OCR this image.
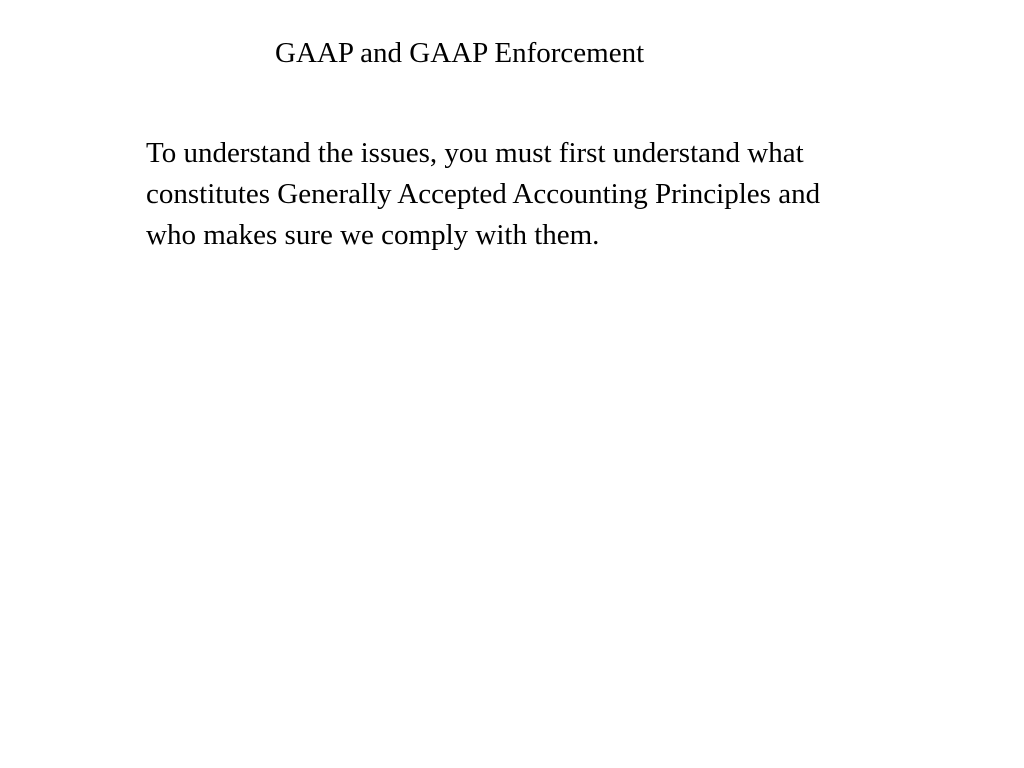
GAAP and GAAP Enforcement

To understand the issues, you must first understand what
constitutes Generally Accepted Accounting Principles and
who makes sure we comply with them.
